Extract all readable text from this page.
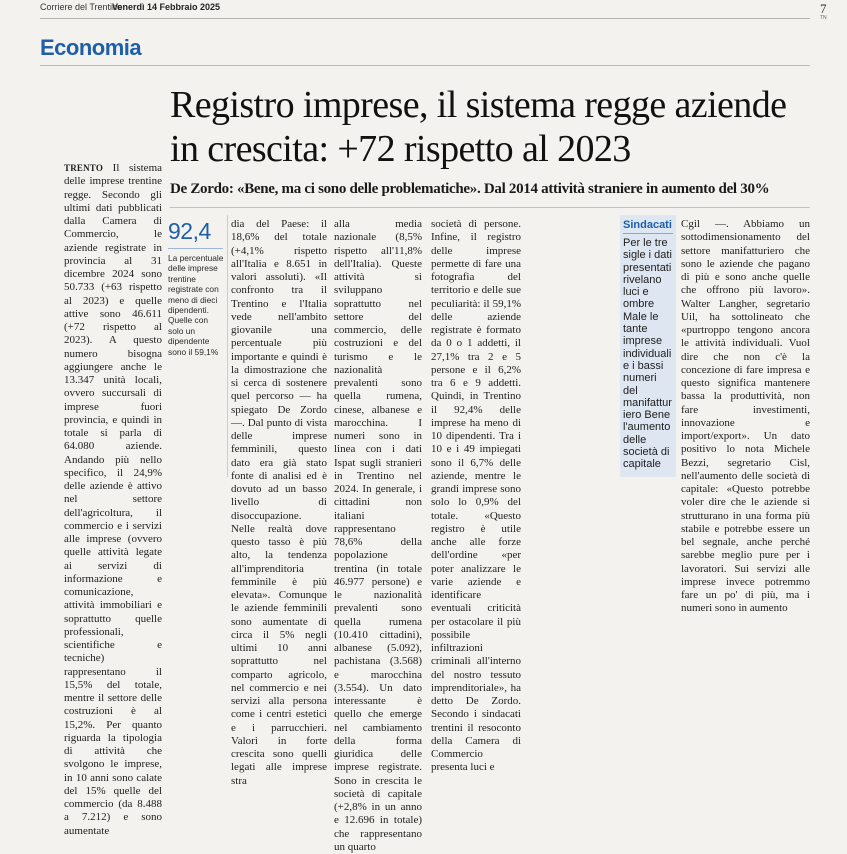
Corriere del Trentino
Venerdì 14 Febbraio 2025	7
TN
Economia
Registro imprese, il sistema regge aziende in crescita: +72 rispetto al 2023
De Zordo: «Bene, ma ci sono delle problematiche». Dal 2014 attività straniere in aumento del 30%

TRENTO Il sistema delle imprese trentine regge. Secondo gli ultimi dati pubblicati dalla Camera di Commercio, le aziende registrate in provincia al 31 dicembre 2024 sono 50.733 (+63 rispetto al 2023) e quelle attive sono 46.611 (+72 rispetto al 2023). A questo numero bisogna aggiungere anche le 13.347 unità locali, ovvero succursali di imprese fuori provincia, e quindi in totale si parla di 64.080 aziende. Andando più nello specifico, il 24,9% delle aziende è attivo nel settore dell'agricoltura, il commercio e i servizi alle imprese (ovvero quelle attività legate ai servizi di informazione e comunicazione, attività immobiliari e soprattutto quelle professionali, scientifiche e tecniche) rappresentano il 15,5% del totale, mentre il settore delle costruzioni è al 15,2%. Per quanto riguarda la tipologia di attività che svolgono le imprese, in 10 anni sono calate del 15% quelle del commercio (da 8.488 a 7.212) e sono aumentate

92,4
La percentuale delle imprese trentine registrate con meno di dieci dipendenti. Quelle con solo un dipendente sono il 59,1%

dia del Paese: il 18,6% del totale (+4,1% rispetto all'Italia e 8.651 in valori assoluti). «Il confronto tra il Trentino e l'Italia vede nell'ambito giovanile una percentuale più importante e quindi è la dimostrazione che si cerca di sostenere quel percorso — ha spiegato De Zordo —. Dal punto di vista delle imprese femminili, questo dato era già stato fonte di analisi ed è dovuto ad un basso livello di disoccupazione. Nelle realtà dove questo tasso è più alto, la tendenza all'imprenditoria femminile è più elevata». Comunque le aziende femminili sono aumentate di circa il 5% negli ultimi 10 anni soprattutto nel comparto agricolo, nel commercio e nei servizi alla persona come i centri estetici e i parrucchieri. Valori in forte crescita sono quelli legati alle imprese stra

alla media nazionale (8,5% rispetto all'11,8% dell'Italia). Queste attività si sviluppano soprattutto nel settore del commercio, delle costruzioni e del turismo e le nazionalità prevalenti sono quella rumena, cinese, albanese e marocchina. I numeri sono in linea con i dati Ispat sugli stranieri in Trentino nel 2024. In generale, i cittadini non italiani rappresentano 78,6% della popolazione trentina (in totale 46.977 persone) e le nazionalità prevalenti sono quella rumena (10.410 cittadini), albanese (5.092), pachistana (3.568) e marocchina (3.554). Un dato interessante è quello che emerge nel cambiamento della forma giuridica delle imprese registrate. Sono in crescita le società di capitale (+2,8% in un anno e 12.696 in totale) che rappresentano un quarto

società di persone. Infine, il registro delle imprese permette di fare una fotografia del territorio e delle sue peculiarità: il 59,1% delle aziende registrate è formato da 0 o 1 addetti, il 27,1% tra 2 e 5 persone e il 6,2% tra 6 e 9 addetti. Quindi, in Trentino il 92,4% delle imprese ha meno di 10 dipendenti. Tra i 10 e i 49 impiegati sono il 6,7% delle aziende, mentre le grandi imprese sono solo lo 0,9% del totale. «Questo registro è utile anche alle forze dell'ordine «per poter analizzare le varie aziende e identificare eventuali criticità per ostacolare il più possibile infiltrazioni criminali all'interno del nostro tessuto imprenditoriale», ha detto De Zordo. Secondo i sindacati trentini il resoconto della Camera di Commercio presenta luci e

Sindacati
Per le tre sigle i dati presentati rivelano luci e ombre Male le tante imprese individuali e i bassi numeri del manifatturiero Bene l'aumento delle società di capitale

Cgil —. Abbiamo un sottodimensionamento del settore manifatturiero che sono le aziende che pagano di più e sono anche quelle che offrono più lavoro». Walter Langher, segretario Uil, ha sottolineato che «purtroppo tengono ancora le attività individuali. Vuol dire che non c'è la concezione di fare impresa e questo significa mantenere bassa la produttività, non fare investimenti, innovazione e import/export». Un dato positivo lo nota Michele Bezzi, segretario Cisl, nell'aumento delle società di capitale: «Questo potrebbe voler dire che le aziende si strutturano in una forma più stabile e potrebbe essere un bel segnale, anche perché sarebbe meglio pure per i lavoratori. Sui servizi alle imprese invece potremmo fare un po' di più, ma i numeri sono in aumento
